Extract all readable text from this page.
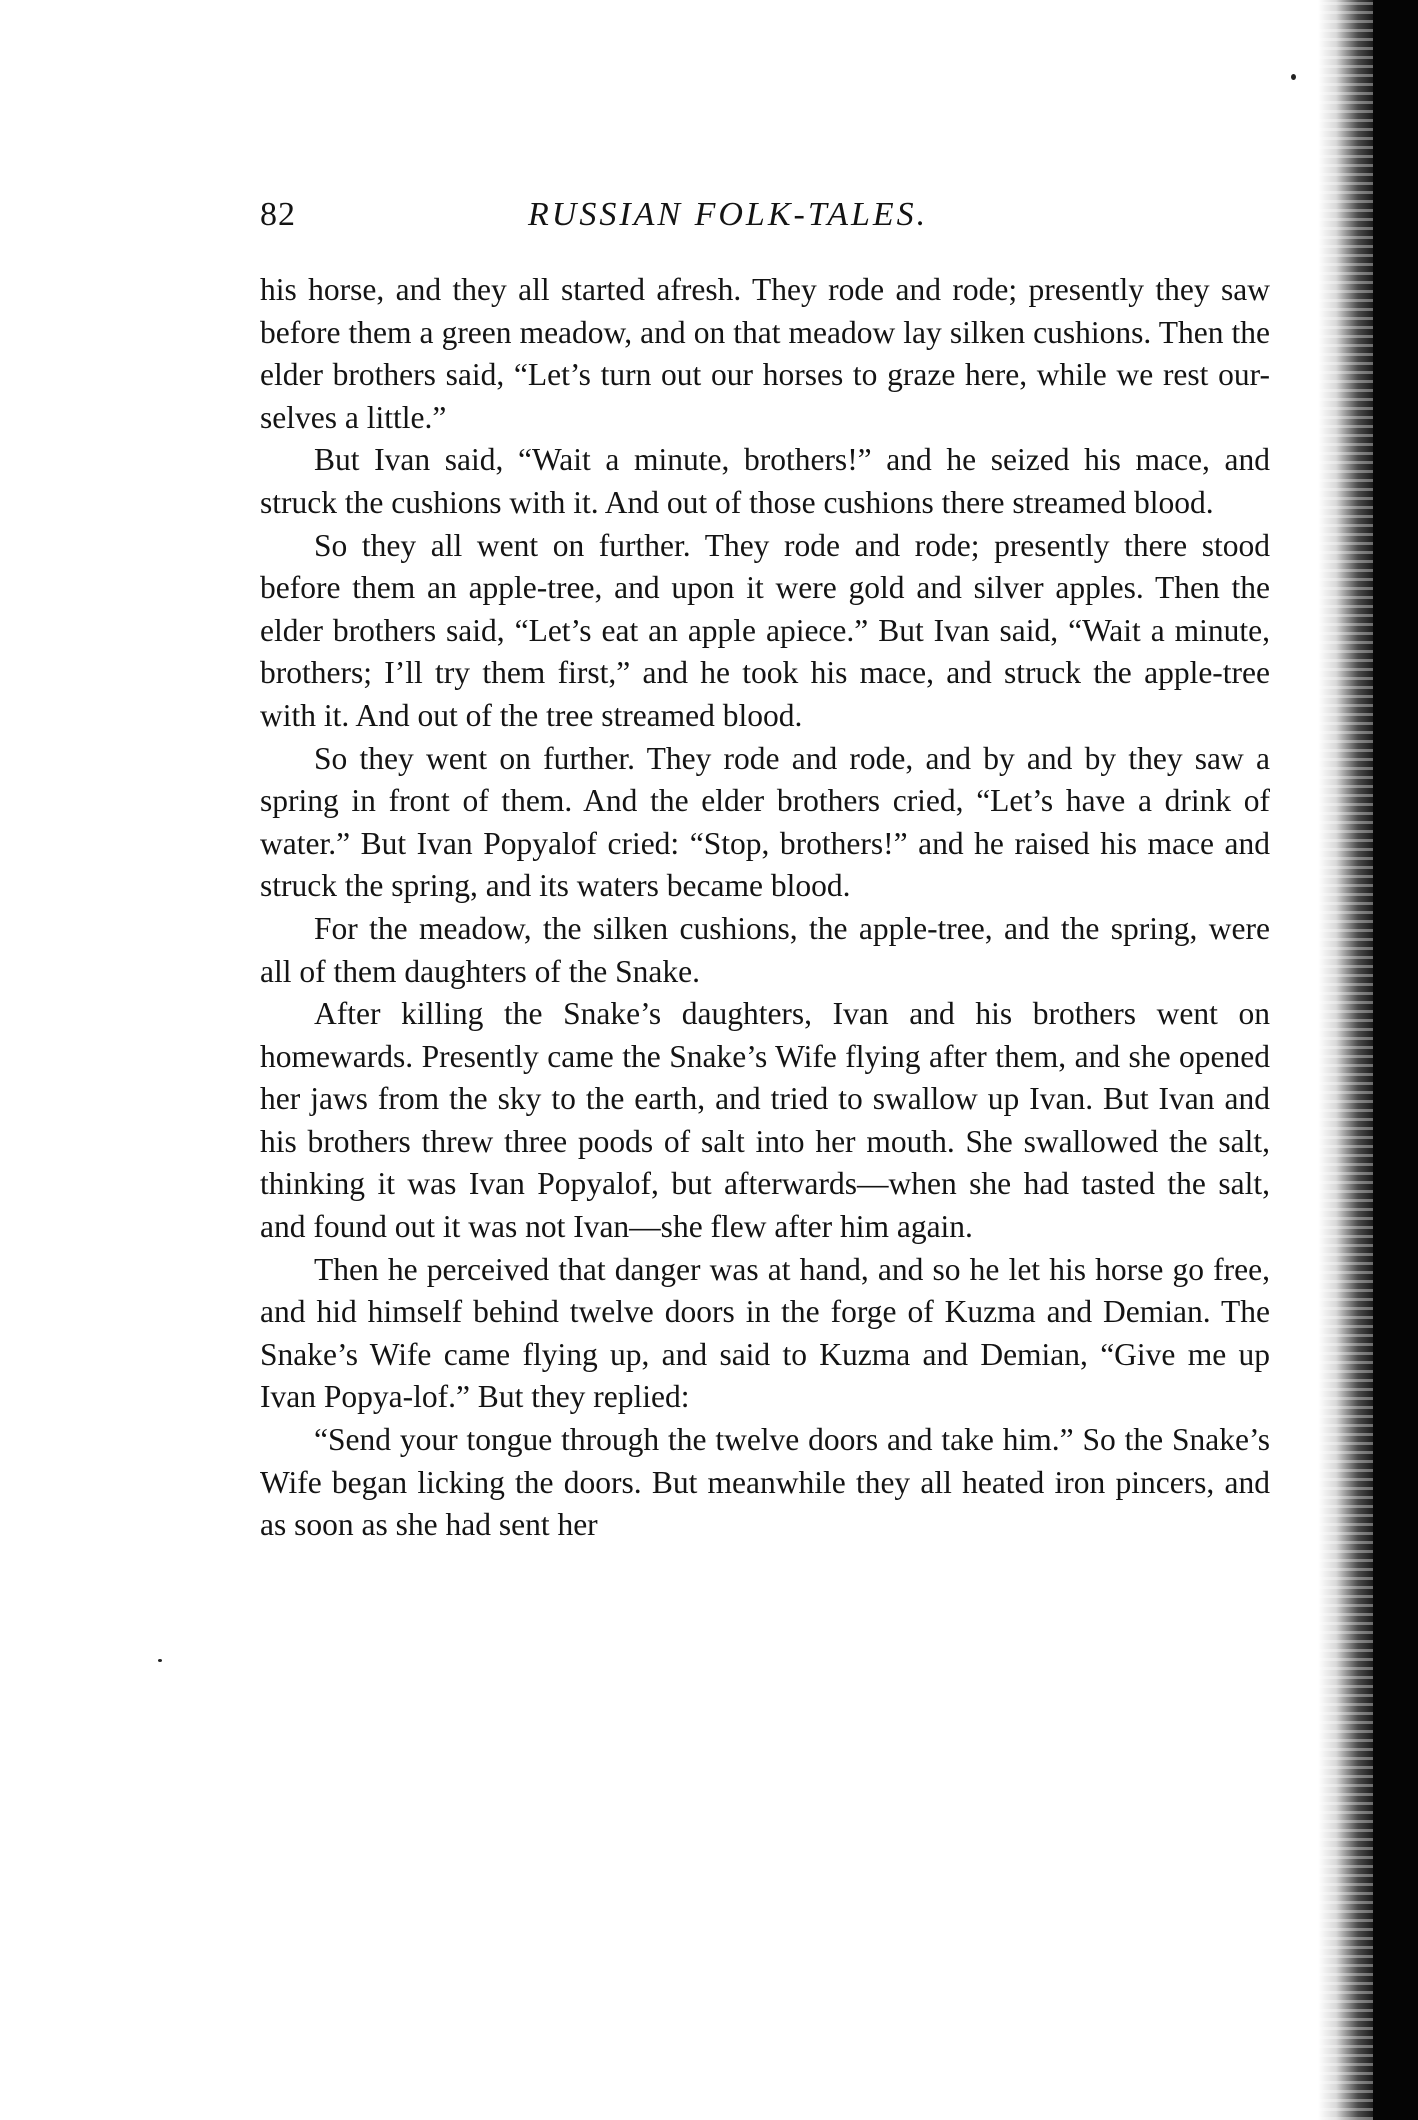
82	RUSSIAN FOLK-TALES.

his horse, and they all started afresh. They rode and rode; presently they saw before them a green meadow, and on that meadow lay silken cushions. Then the elder brothers said, “Let’s turn out our horses to graze here, while we rest our-selves a little.”

But Ivan said, “Wait a minute, brothers!” and he seized his mace, and struck the cushions with it. And out of those cushions there streamed blood.

So they all went on further. They rode and rode; presently there stood before them an apple-tree, and upon it were gold and silver apples. Then the elder brothers said, “Let’s eat an apple apiece.” But Ivan said, “Wait a minute, brothers; I’ll try them first,” and he took his mace, and struck the apple-tree with it. And out of the tree streamed blood.

So they went on further. They rode and rode, and by and by they saw a spring in front of them. And the elder brothers cried, “Let’s have a drink of water.” But Ivan Popyalof cried: “Stop, brothers!” and he raised his mace and struck the spring, and its waters became blood.

For the meadow, the silken cushions, the apple-tree, and the spring, were all of them daughters of the Snake.

After killing the Snake’s daughters, Ivan and his brothers went on homewards. Presently came the Snake’s Wife flying after them, and she opened her jaws from the sky to the earth, and tried to swallow up Ivan. But Ivan and his brothers threw three poods of salt into her mouth. She swallowed the salt, thinking it was Ivan Popyalof, but afterwards—when she had tasted the salt, and found out it was not Ivan—she flew after him again.

Then he perceived that danger was at hand, and so he let his horse go free, and hid himself behind twelve doors in the forge of Kuzma and Demian. The Snake’s Wife came flying up, and said to Kuzma and Demian, “Give me up Ivan Popya-lof.” But they replied:

“Send your tongue through the twelve doors and take him.” So the Snake’s Wife began licking the doors. But meanwhile they all heated iron pincers, and as soon as she had sent her
